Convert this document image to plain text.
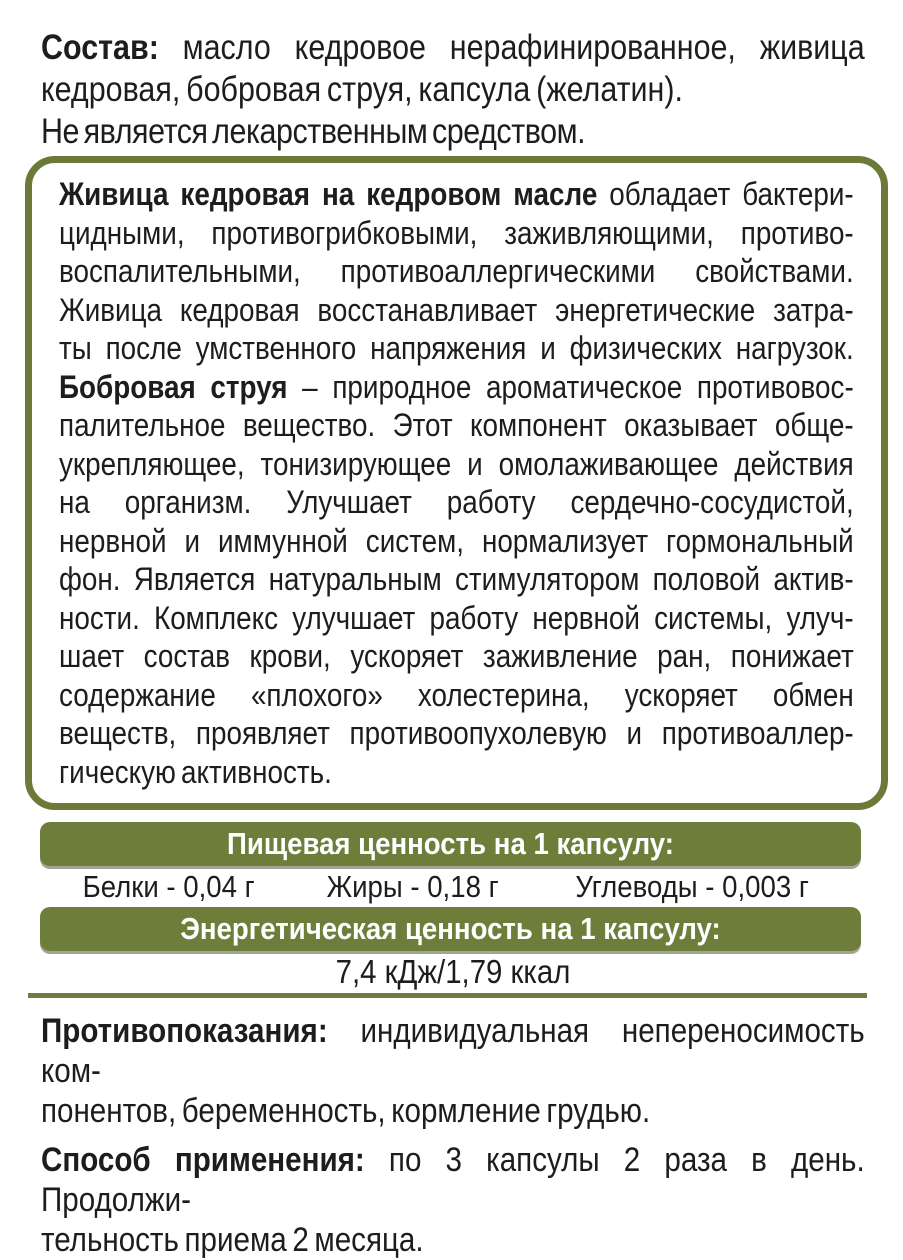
Состав: масло кедровое нерафинированное, живица
кедровая, бобровая струя, капсула (желатин).
Не является лекарственным средством.
Живица кедровая на кедровом масле обладает бактери-
цидными, противогрибковыми, заживляющими, противо-
воспалительными, противоаллергическими свойствами.
Живица кедровая восстанавливает энергетические затра-
ты после умственного напряжения и физических нагрузок.
Бобровая струя – природное ароматическое противовос-
палительное вещество. Этот компонент оказывает обще-
укрепляющее, тонизирующее и омолаживающее действия
на организм. Улучшает работу сердечно-сосудистой,
нервной и иммунной систем, нормализует гормональный
фон. Является натуральным стимулятором половой актив-
ности. Комплекс улучшает работу нервной системы, улуч-
шает состав крови, ускоряет заживление ран, понижает
содержание «плохого» холестерина, ускоряет обмен
веществ, проявляет противоопухолевую и противоаллер-
гическую активность.
Пищевая ценность на 1 капсулу:
Белки - 0,04 г Жиры - 0,18 г Углеводы - 0,003 г
Энергетическая ценность на 1 капсулу:
7,4 кДж/1,79 ккал
Противопоказания: индивидуальная непереносимость ком-
понентов, беременность, кормление грудью.
Способ применения: по 3 капсулы 2 раза в день. Продолжи-
тельность приема 2 месяца.
